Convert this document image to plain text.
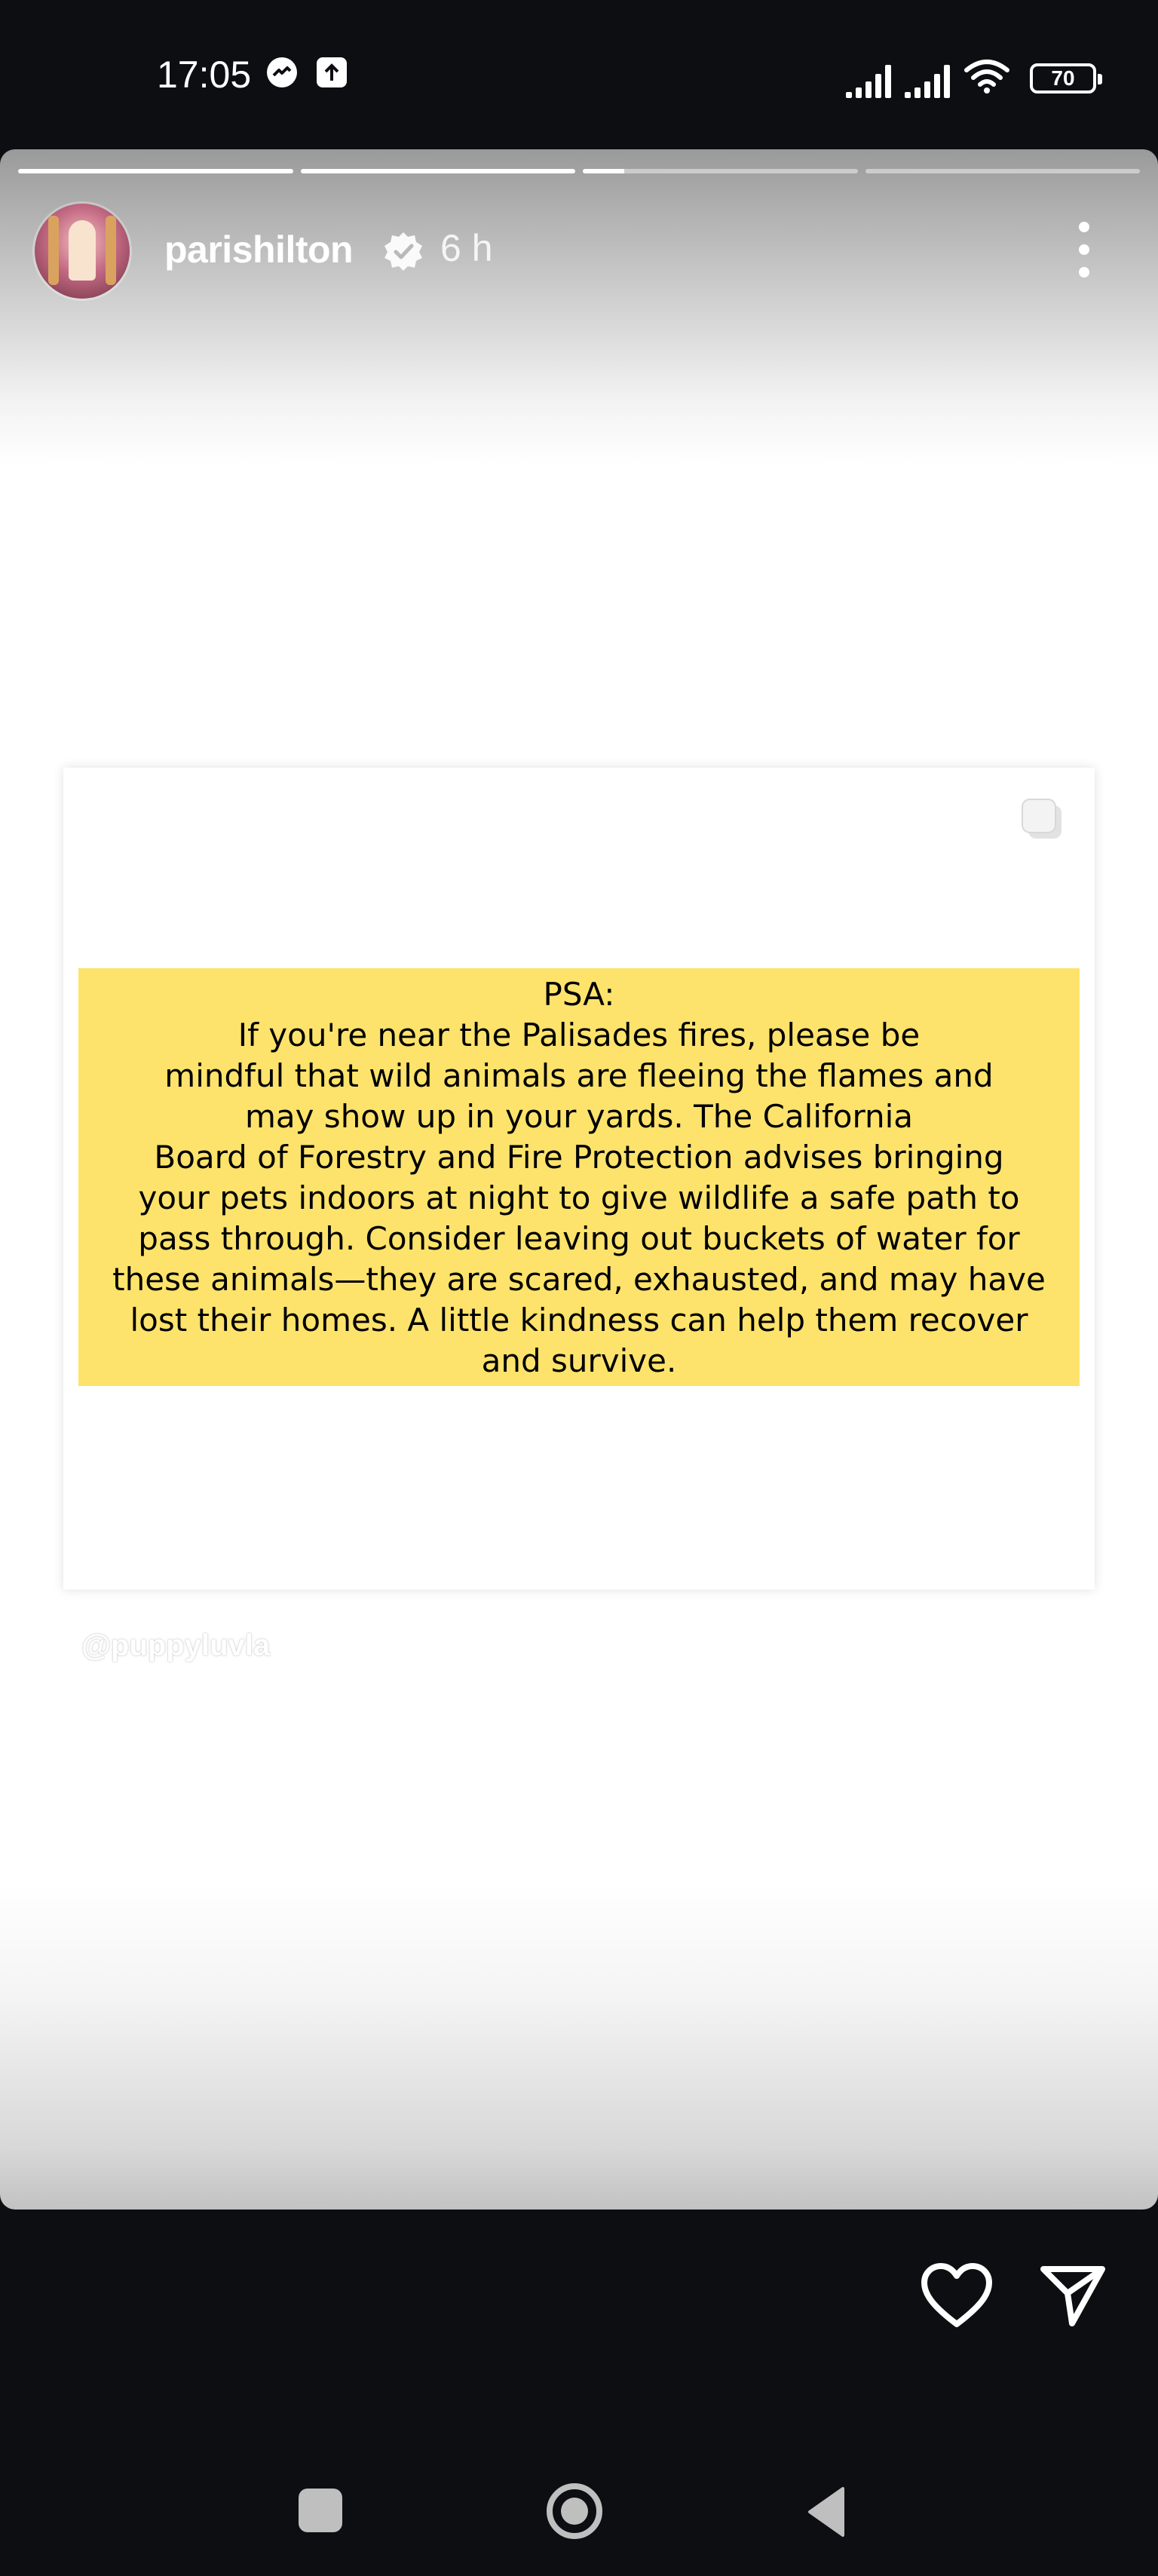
17:05	70
parishilton 6 h

PSA:

If you're near the Palisades fires, please be

mindful that wild animals are fleeing the flames and

may show up in your yards. The California

Board of Forestry and Fire Protection advises bringing

your pets indoors at night to give wildlife a safe path to

pass through. Consider leaving out buckets of water for

these animals—they are scared, exhausted, and may have

lost their homes. A little kindness can help them recover

and survive.

@puppyluvla
